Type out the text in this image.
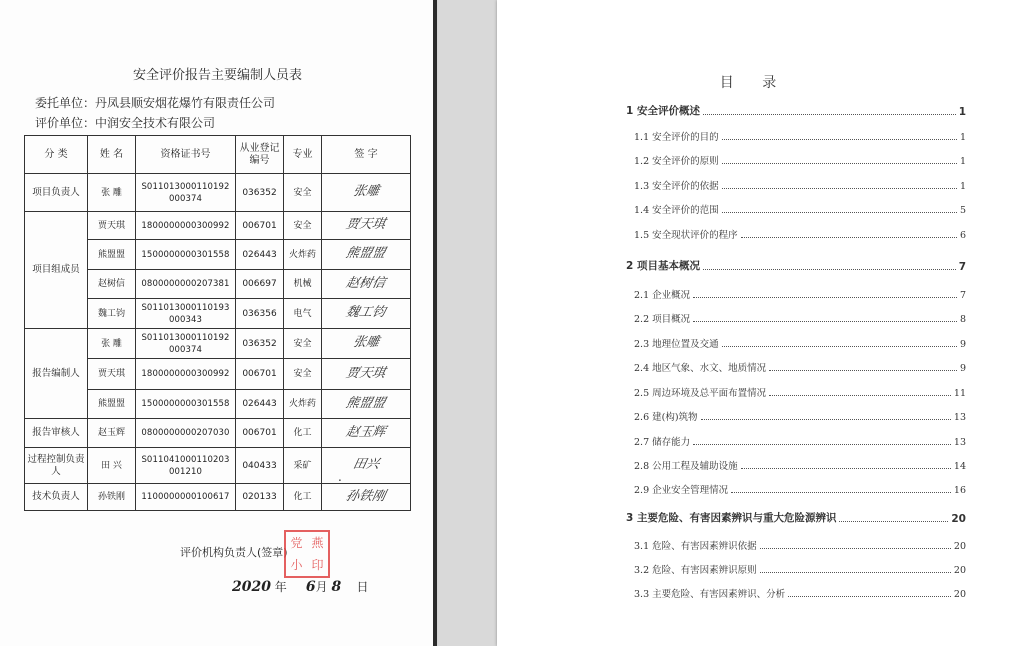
安全评价报告主要编制人员表
委托单位：丹凤县顺安烟花爆竹有限责任公司
评价单位：中润安全技术有限公司
分 类	姓 名	资格证书号	从业登记编号	专业	签 字
项目负责人	张 雕	S011013000110192 000374	036352	安全	张雕
项目组成员	贾天琪	1800000000300992	006701	安全	贾天琪
	熊盟盟	1500000000301558	026443	火炸药	熊盟盟
	赵树信	0800000000207381	006697	机械	赵树信
	魏工钧	S011013000110193 000343	036356	电气	魏工钧
报告编制人	张 雕	S011013000110192 000374	036352	安全	张雕
	贾天琪	1800000000300992	006701	安全	贾天琪
	熊盟盟	1500000000301558	026443	火炸药	熊盟盟
报告审核人	赵玉辉	0800000000207030	006701	化工	赵玉辉
过程控制负责人	田 兴	S011041000110203 001210	040433	采矿	田兴
技术负责人	孙铁刚	1100000000100617	020133	化工	孙铁刚
.
评价机构负责人(签章)
党 燕
小 印
2020 年 6月 8 日
目 录
1 安全评价概述	1
1.1 安全评价的目的	1
1.2 安全评价的原则	1
1.3 安全评价的依据	1
1.4 安全评价的范围	5
1.5 安全现状评价的程序	6
2 项目基本概况	7
2.1 企业概况	7
2.2 项目概况	8
2.3 地理位置及交通	9
2.4 地区气象、水文、地质情况	9
2.5 周边环境及总平面布置情况	11
2.6 建(构)筑物	13
2.7 储存能力	13
2.8 公用工程及辅助设施	14
2.9 企业安全管理情况	16
3 主要危险、有害因素辨识与重大危险源辨识	20
3.1 危险、有害因素辨识依据	20
3.2 危险、有害因素辨识原则	20
3.3 主要危险、有害因素辨识、分析	20
